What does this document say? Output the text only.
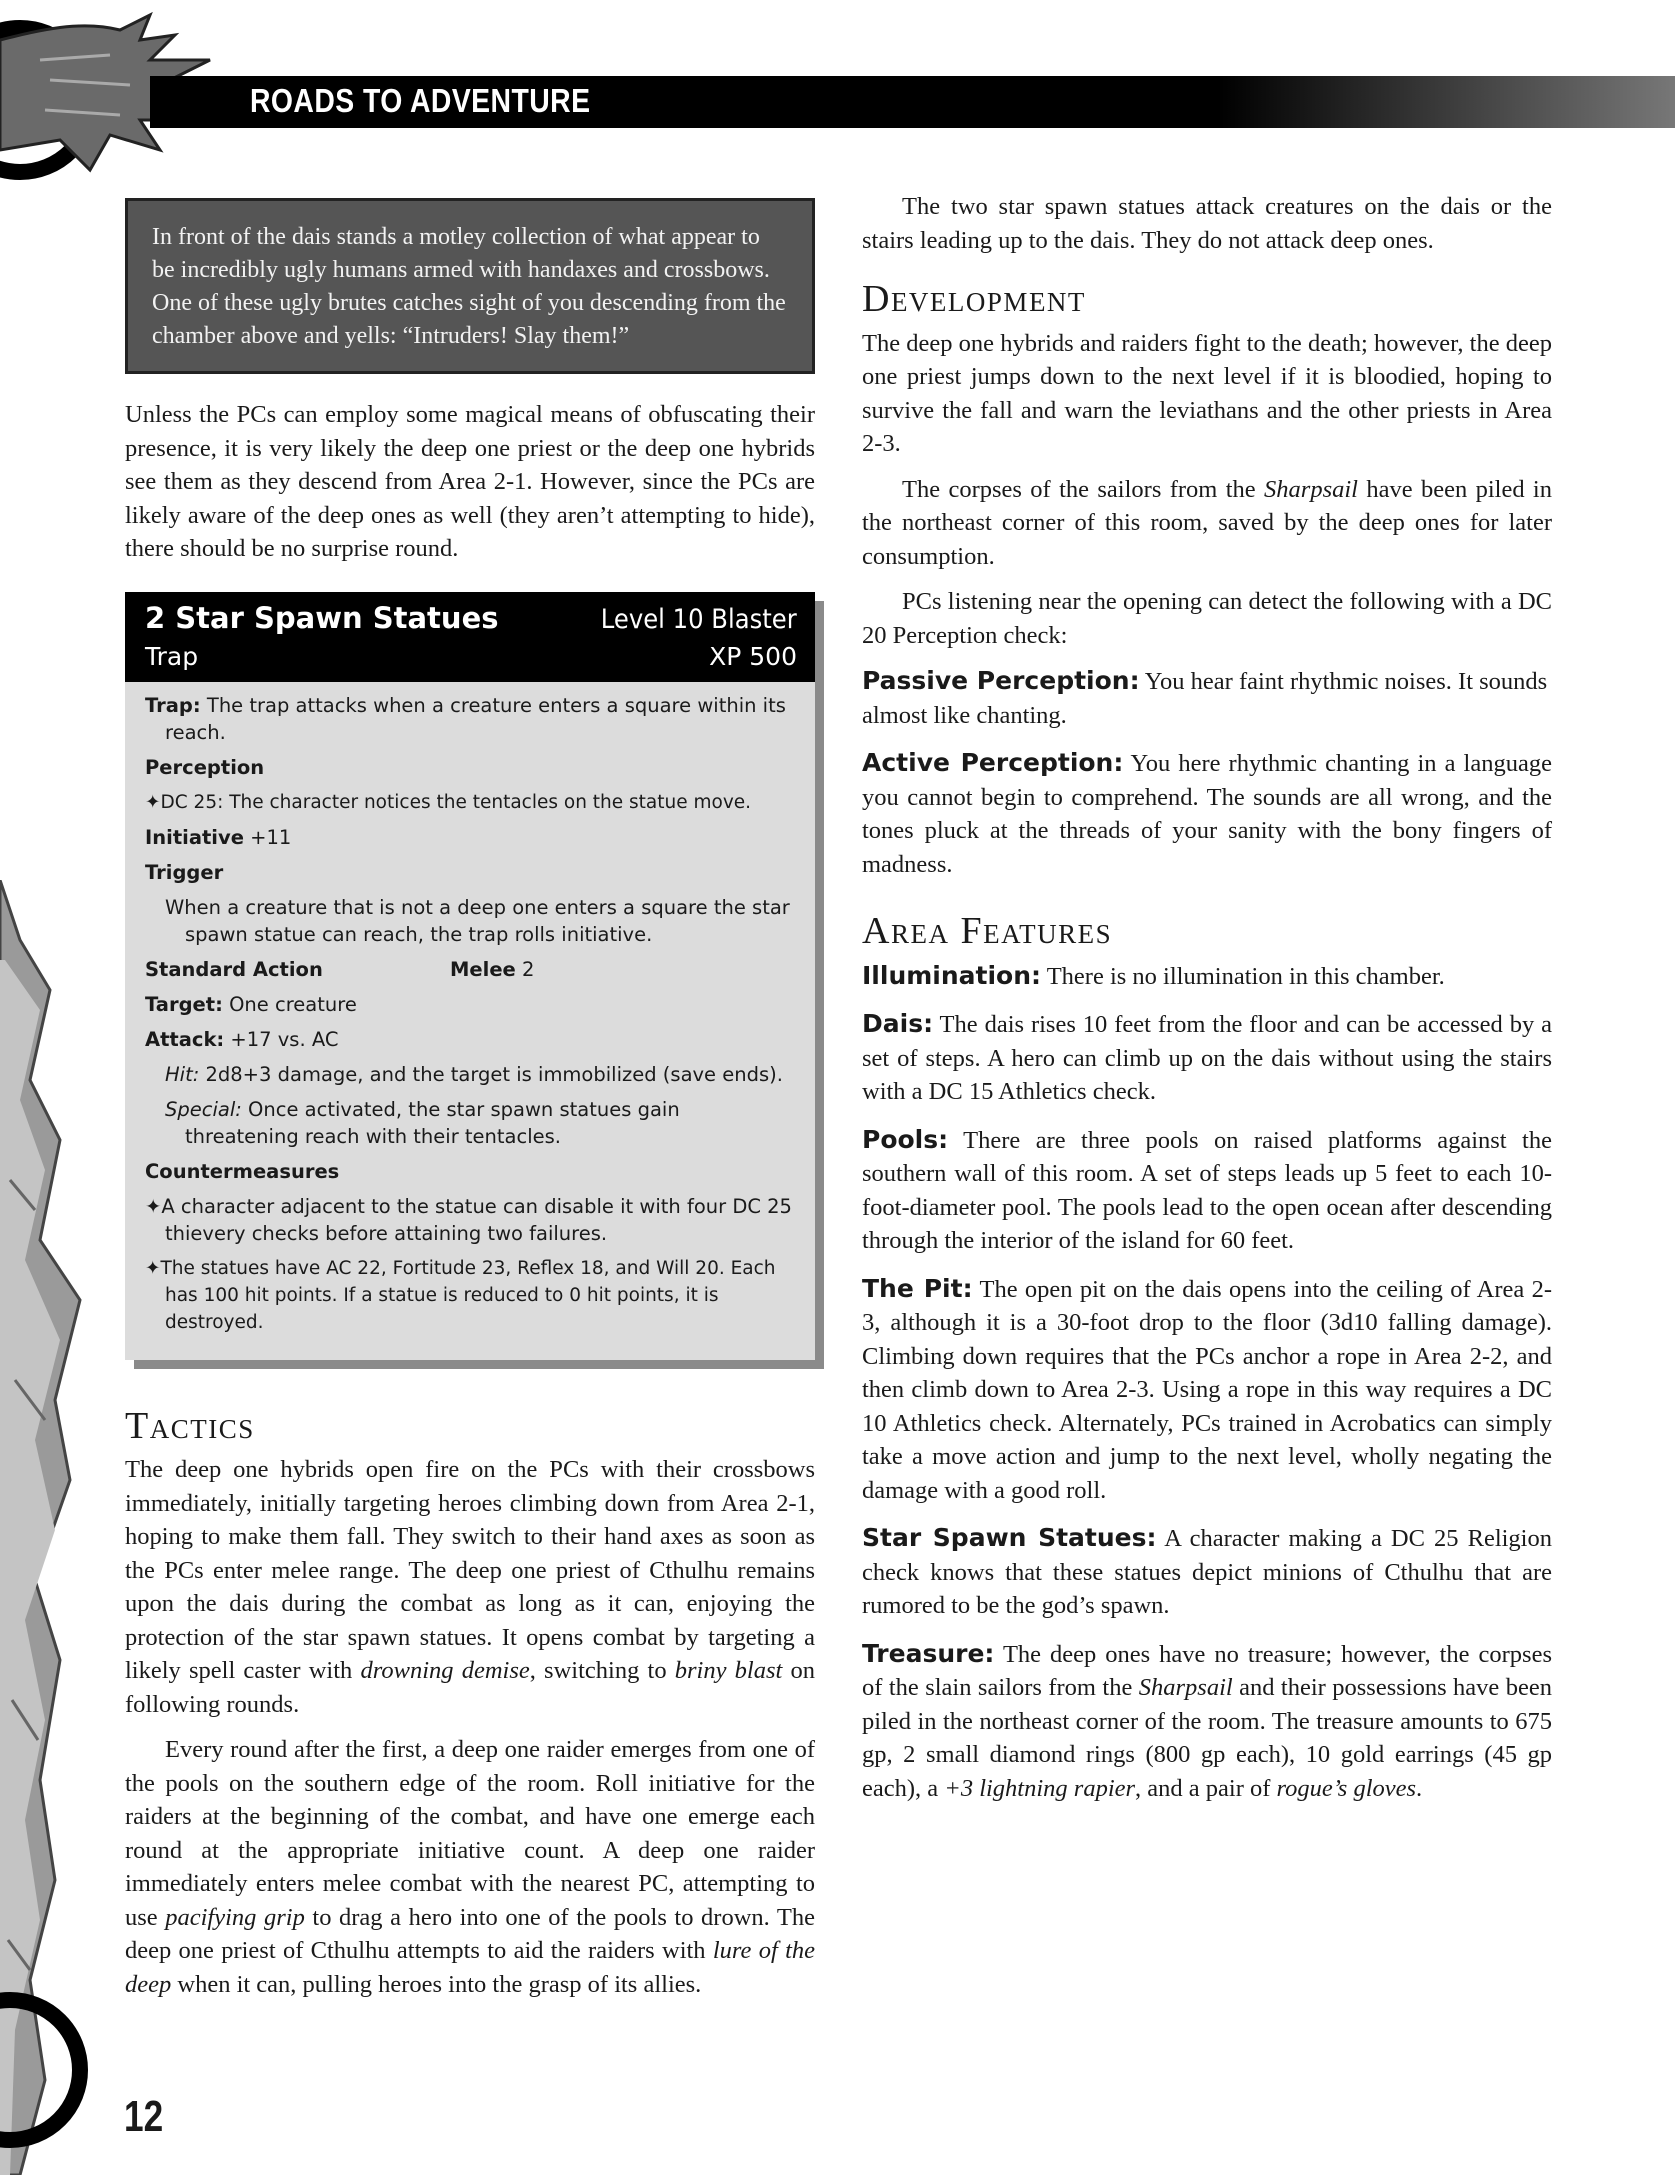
ROADS TO ADVENTURE
In front of the dais stands a motley collection of what appear to be incredibly ugly humans armed with handaxes and crossbows. One of these ugly brutes catches sight of you descending from the chamber above and yells: “Intruders! Slay them!”

Unless the PCs can employ some magical means of obfuscating their presence, it is very likely the deep one priest or the deep one hybrids see them as they descend from Area 2-1. However, since the PCs are likely aware of the deep ones as well (they aren’t attempting to hide), there should be no surprise round.

2 Star Spawn Statues	Level 10 Blaster
Trap	XP 500
Trap: The trap attacks when a creature enters a square within its reach.
Perception
✦DC 25: The character notices the tentacles on the statue move.
Initiative +11
Trigger
When a creature that is not a deep one enters a square the star spawn statue can reach, the trap rolls initiative.
Standard Action	Melee 2
Target: One creature
Attack: +17 vs. AC
Hit: 2d8+3 damage, and the target is immobilized (save ends).
Special: Once activated, the star spawn statues gain threatening reach with their tentacles.
Countermeasures
✦A character adjacent to the statue can disable it with four DC 25 thievery checks before attaining two failures.
✦The statues have AC 22, Fortitude 23, Reflex 18, and Will 20. Each has 100 hit points. If a statue is reduced to 0 hit points, it is destroyed.
Tactics

The deep one hybrids open fire on the PCs with their crossbows immediately, initially targeting heroes climbing down from Area 2-1, hoping to make them fall. They switch to their hand axes as soon as the PCs enter melee range. The deep one priest of Cthulhu remains upon the dais during the combat as long as it can, enjoying the protection of the star spawn statues. It opens combat by targeting a likely spell caster with drowning demise, switching to briny blast on following rounds.

Every round after the first, a deep one raider emerges from one of the pools on the southern edge of the room. Roll initiative for the raiders at the beginning of the combat, and have one emerge each round at the appropriate initiative count. A deep one raider immediately enters melee combat with the nearest PC, attempting to use pacifying grip to drag a hero into one of the pools to drown. The deep one priest of Cthulhu attempts to aid the raiders with lure of the deep when it can, pulling heroes into the grasp of its allies.

The two star spawn statues attack creatures on the dais or the stairs leading up to the dais. They do not attack deep ones.

Development

The deep one hybrids and raiders fight to the death; however, the deep one priest jumps down to the next level if it is bloodied, hoping to survive the fall and warn the leviathans and the other priests in Area 2-3.

The corpses of the sailors from the Sharpsail have been piled in the northeast corner of this room, saved by the deep ones for later consumption.

PCs listening near the opening can detect the following with a DC 20 Perception check:

Passive Perception: You hear faint rhythmic noises. It sounds almost like chanting.

Active Perception: You here rhythmic chanting in a language you cannot begin to comprehend. The sounds are all wrong, and the tones pluck at the threads of your sanity with the bony fingers of madness.

Area Features

Illumination: There is no illumination in this chamber.

Dais: The dais rises 10 feet from the floor and can be accessed by a set of steps. A hero can climb up on the dais without using the stairs with a DC 15 Athletics check.

Pools: There are three pools on raised platforms against the southern wall of this room. A set of steps leads up 5 feet to each 10-foot-diameter pool. The pools lead to the open ocean after descending through the interior of the island for 60 feet.

The Pit: The open pit on the dais opens into the ceiling of Area 2-3, although it is a 30-foot drop to the floor (3d10 falling damage). Climbing down requires that the PCs anchor a rope in Area 2-2, and then climb down to Area 2-3. Using a rope in this way requires a DC 10 Athletics check. Alternately, PCs trained in Acrobatics can simply take a move action and jump to the next level, wholly negating the damage with a good roll.

Star Spawn Statues: A character making a DC 25 Religion check knows that these statues depict minions of Cthulhu that are rumored to be the god’s spawn.

Treasure: The deep ones have no treasure; however, the corpses of the slain sailors from the Sharpsail and their possessions have been piled in the northeast corner of the room. The treasure amounts to 675 gp, 2 small diamond rings (800 gp each), 10 gold earrings (45 gp each), a +3 lightning rapier, and a pair of rogue’s gloves.

12
